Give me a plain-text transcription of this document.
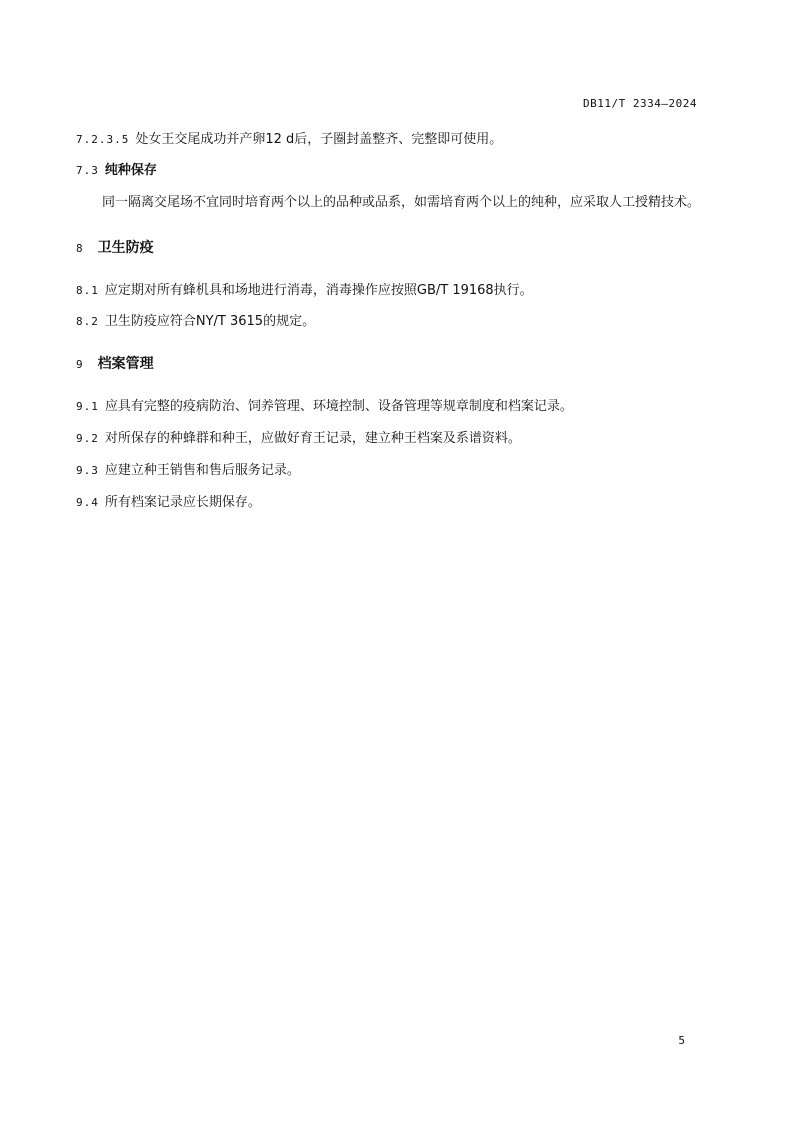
DB11/T 2334—2024
7.2.3.5 处女王交尾成功并产卵12 d后，子圈封盖整齐、完整即可使用。
7.3 纯种保存
同一隔离交尾场不宜同时培育两个以上的品种或品系，如需培育两个以上的纯种，应采取人工授精技术。
8 卫生防疫
8.1 应定期对所有蜂机具和场地进行消毒，消毒操作应按照GB/T 19168执行。
8.2 卫生防疫应符合NY/T 3615的规定。
9 档案管理
9.1 应具有完整的疫病防治、饲养管理、环境控制、设备管理等规章制度和档案记录。
9.2 对所保存的种蜂群和种王，应做好育王记录，建立种王档案及系谱资料。
9.3 应建立种王销售和售后服务记录。
9.4 所有档案记录应长期保存。
5
